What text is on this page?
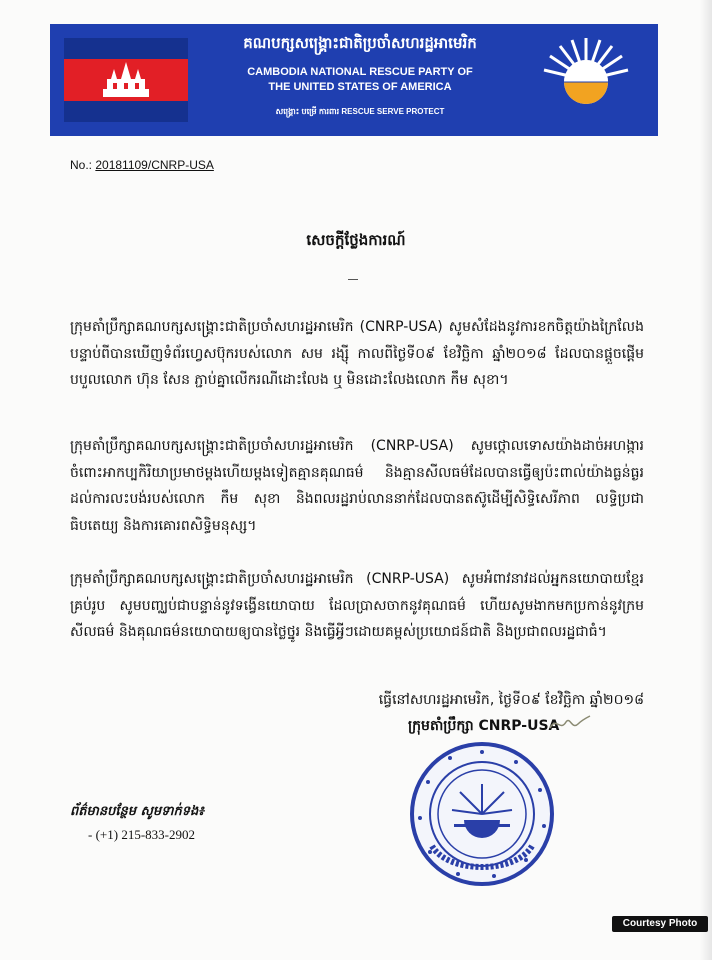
គណបក្សសង្គ្រោះជាតិប្រចាំសហរដ្ឋអាមេរិក
CAMBODIA NATIONAL RESCUE PARTY OF
THE UNITED STATES OF AMERICA
សង្គ្រោះ បម្រើ ការពារ RESCUE SERVE PROTECT
No.: 20181109/CNRP-USA
សេចក្ដីថ្លែងការណ៍
ក្រុមតាំប្រឹក្សាគណបក្សសង្គ្រោះជាតិប្រចាំសហរដ្ឋអាមេរិក (CNRP-USA) សូមសំដែងនូវការខកចិត្តយ៉ាងក្រៃលែងបន្ទាប់ពីបានឃើញទំព័រហ្វេសប៊ុករបស់លោក សម រង្ស៊ី កាលពីថ្ងៃទី០៩ ខែវិច្ឆិកា ឆ្នាំ២០១៨ ដែលបានផ្ដួចផ្ដើមបបួលលោក ហ៊ុន សែន ភ្ជាប់គ្នាលើករណីដោះលែង ឬ មិនដោះលែងលោក កឹម សុខា។
ក្រុមតាំប្រឹក្សាគណបក្សសង្គ្រោះជាតិប្រចាំសហរដ្ឋអាមេរិក (CNRP-USA) សូមថ្កោលទោសយ៉ាងដាច់អហង្ការចំពោះអាកប្បកិរិយាប្រមាថម្ដងហើយម្ដងទៀតគ្មានគុណធម៌ និងគ្មានសីលធម៌ដែលបានធ្វើឲ្យប៉ះពាល់យ៉ាងធ្ងន់ធ្ងរដល់ការលះបង់របស់លោក កឹម សុខា និងពលរដ្ឋរាប់លាននាក់ដែលបានតស៊ូដើម្បីសិទ្ធិសេរីភាព លទ្ធិប្រជាធិបតេយ្យ និងការគោរពសិទ្ធិមនុស្ស។
ក្រុមតាំប្រឹក្សាគណបក្សសង្គ្រោះជាតិប្រចាំសហរដ្ឋអាមេរិក (CNRP-USA) សូមអំពាវនាវដល់អ្នកនយោបាយខ្មែរគ្រប់រូប សូមបញ្ឈប់ជាបន្ទាន់នូវទង្វើនយោបាយ ដែលប្រាសចាកនូវគុណធម៌ ហើយសូមងាកមកប្រកាន់នូវក្រមសីលធម៌ និងគុណធម៌នយោបាយឲ្យបានថ្លៃថ្នូរ និងធ្វើអ្វីៗដោយគម្ពស់ប្រយោជន៍ជាតិ និងប្រជាពលរដ្ឋជាធំ។
ធ្វើនៅសហរដ្ឋអាមេរិក, ថ្ងៃទី០៩ ខែវិច្ឆិកា ឆ្នាំ២០១៨
ក្រុមតាំប្រឹក្សា CNRP-USA
ព័ត៌មានបន្ថែម សូមទាក់ទង៖
- (+1) 215-833-2902
Courtesy Photo
